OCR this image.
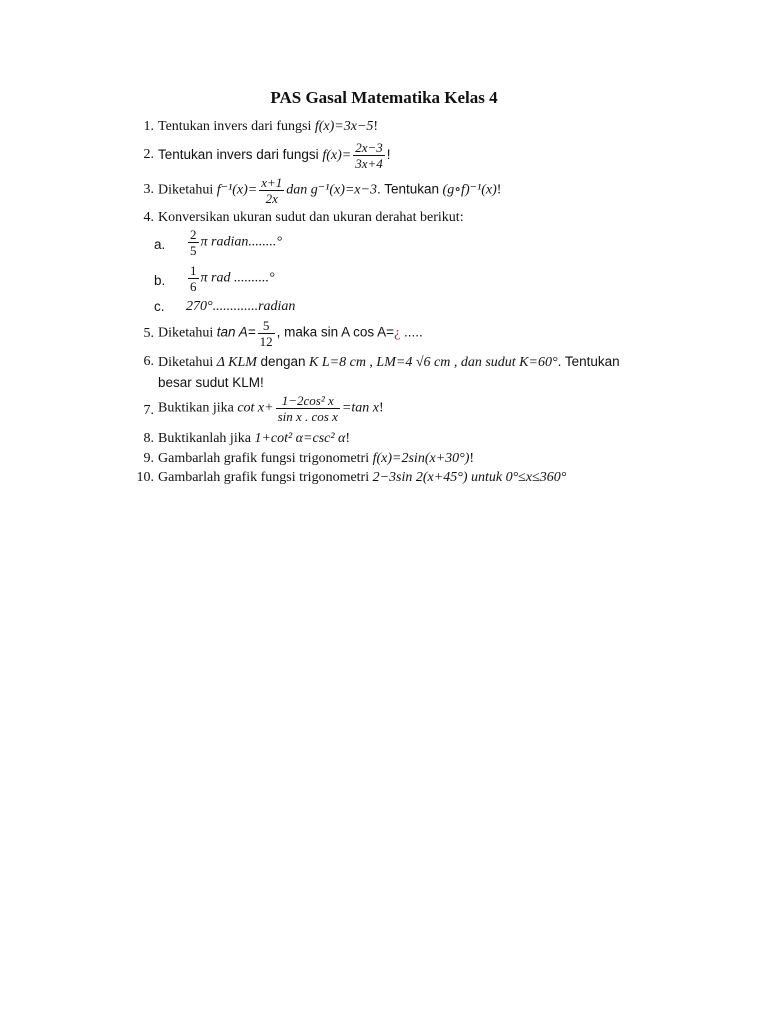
PAS Gasal Matematika Kelas 4
1. Tentukan invers dari fungsi f(x)=3x−5!
2. Tentukan invers dari fungsi $f(x)= \frac{2x-3}{3x+4}$ !
3. Diketahui $f^{-1}(x)= \frac{x+1}{2x}$ dan g⁻¹(x)=x−3. Tentukan (g∘f)⁻¹(x)!
4. Konversikan ukuran sudut dan ukuran derahat berikut:
a. $\frac{2}{5}$ π radian........°
b. $\frac{1}{6}$ π rad ..........°
c. 270°.............radian
5. Diketahui $\tan A= \frac{5}{12}$ , maka sin A cos A=¿ .....
6. Diketahui Δ KLM dengan K L=8 cm , LM=4 √6 cm , dan sudut K=60°. Tentukan
besar sudut KLM!
7. Buktikan jika $\cot x+ \frac{\text{1−2cos² x}}{\text{sin x . cos x}} =\tan$ x!
8. Buktikanlah jika 1+cot² α=csc² α!
9. Gambarlah grafik fungsi trigonometri f(x)=2sin(x+30°)!
10. Gambarlah grafik fungsi trigonometri 2−3sin 2(x+45°) untuk 0°≤x≤360°
